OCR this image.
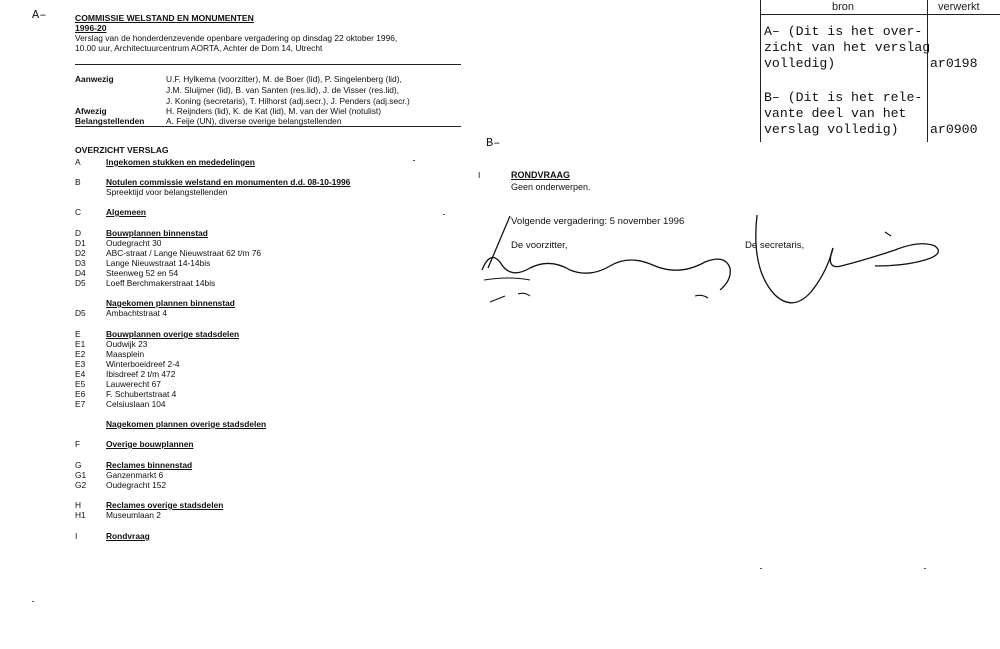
A–	COMMISSIE WELSTAND EN MONUMENTEN
1996-20
Verslag van de honderdenzevende openbare vergadering op dinsdag 22 oktober 1996,
10.00 uur, Architectuurcentrum AORTA, Achter de Dom 14, Utrecht
Aanwezig	U.F. Hylkema (voorzitter), M. de Boer (lid), P. Singelenberg (lid),
J.M. Sluijmer (lid), B. van Santen (res.lid), J. de Visser (res.lid),
J. Koning (secretaris), T. Hilhorst (adj.secr.), J. Penders (adj.secr.)
Afwezig	H. Reijnders (lid), K. de Kat (lid), M. van der Wiel (notulist)
Belangstellenden	A. Feije (UN), diverse overige belangstellenden
OVERZICHT VERSLAG
A	Ingekomen stukken en mededelingen
B	Notulen commissie welstand en monumenten d.d. 08-10-1996
Spreektijd voor belangstellenden
C	Algemeen
D	Bouwplannen binnenstad
D1 Oudegracht 30
D2 ABC-straat / Lange Nieuwstraat 62 t/m 76
D3 Lange Nieuwstraat 14-14bis
D4 Steenweg 52 en 54
D5 Loeff Berchmakerstraat 14bis
Nagekomen plannen binnenstad
D5 Ambachtstraat 4
E	Bouwplannen overige stadsdelen
E1 Oudwijk 23
E2 Maasplein
E3 Winterboeidreef 2-4
E4 Ibisdreef 2 t/m 472
E5 Lauwerecht 67
E6 F. Schubertstraat 4
E7 Celsiuslaan 104
Nagekomen plannen overige stadsdelen
F	Overige bouwplannen
G	Reclames binnenstad
G1 Ganzenmarkt 6
G2 Oudegracht 152
H	Reclames overige stadsdelen
H1 Museumlaan 2
I	Rondvraag
bron	verwerkt
A– (Dit is het over-
zicht van het verslag
volledig)	ar0198
B– (Dit is het rele-
vante deel van het
verslag volledig) ar0900
B–
I	RONDVRAAG
Geen onderwerpen.
Volgende vergadering: 5 november 1996
De voorzitter,	De secretaris,
